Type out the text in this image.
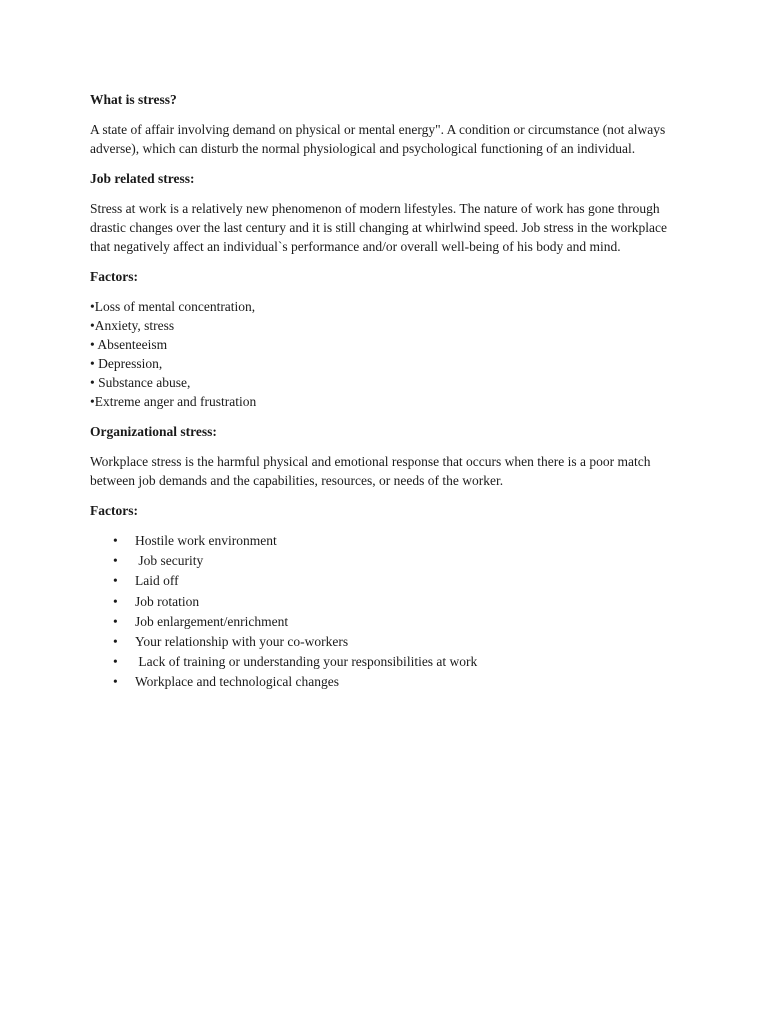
What is stress?
A state of affair involving demand on physical or mental energy". A condition or circumstance (not always adverse), which can disturb the normal physiological and psychological functioning of an individual.
Job related stress:
Stress at work is a relatively new phenomenon of modern lifestyles. The nature of work has gone through drastic changes over the last century and it is still changing at whirlwind speed. Job stress in the workplace that negatively affect an individual`s performance and/or overall well-being of his body and mind.
Factors:
•Loss of mental concentration,
•Anxiety, stress
• Absenteeism
• Depression,
• Substance abuse,
•Extreme anger and frustration
Organizational stress:
Workplace stress is the harmful physical and emotional response that occurs when there is a poor match between job demands and the capabilities, resources, or needs of the worker.
Factors:
• Hostile work environment
• Job security
• Laid off
• Job rotation
• Job enlargement/enrichment
• Your relationship with your co-workers
• Lack of training or understanding your responsibilities at work
• Workplace and technological changes
